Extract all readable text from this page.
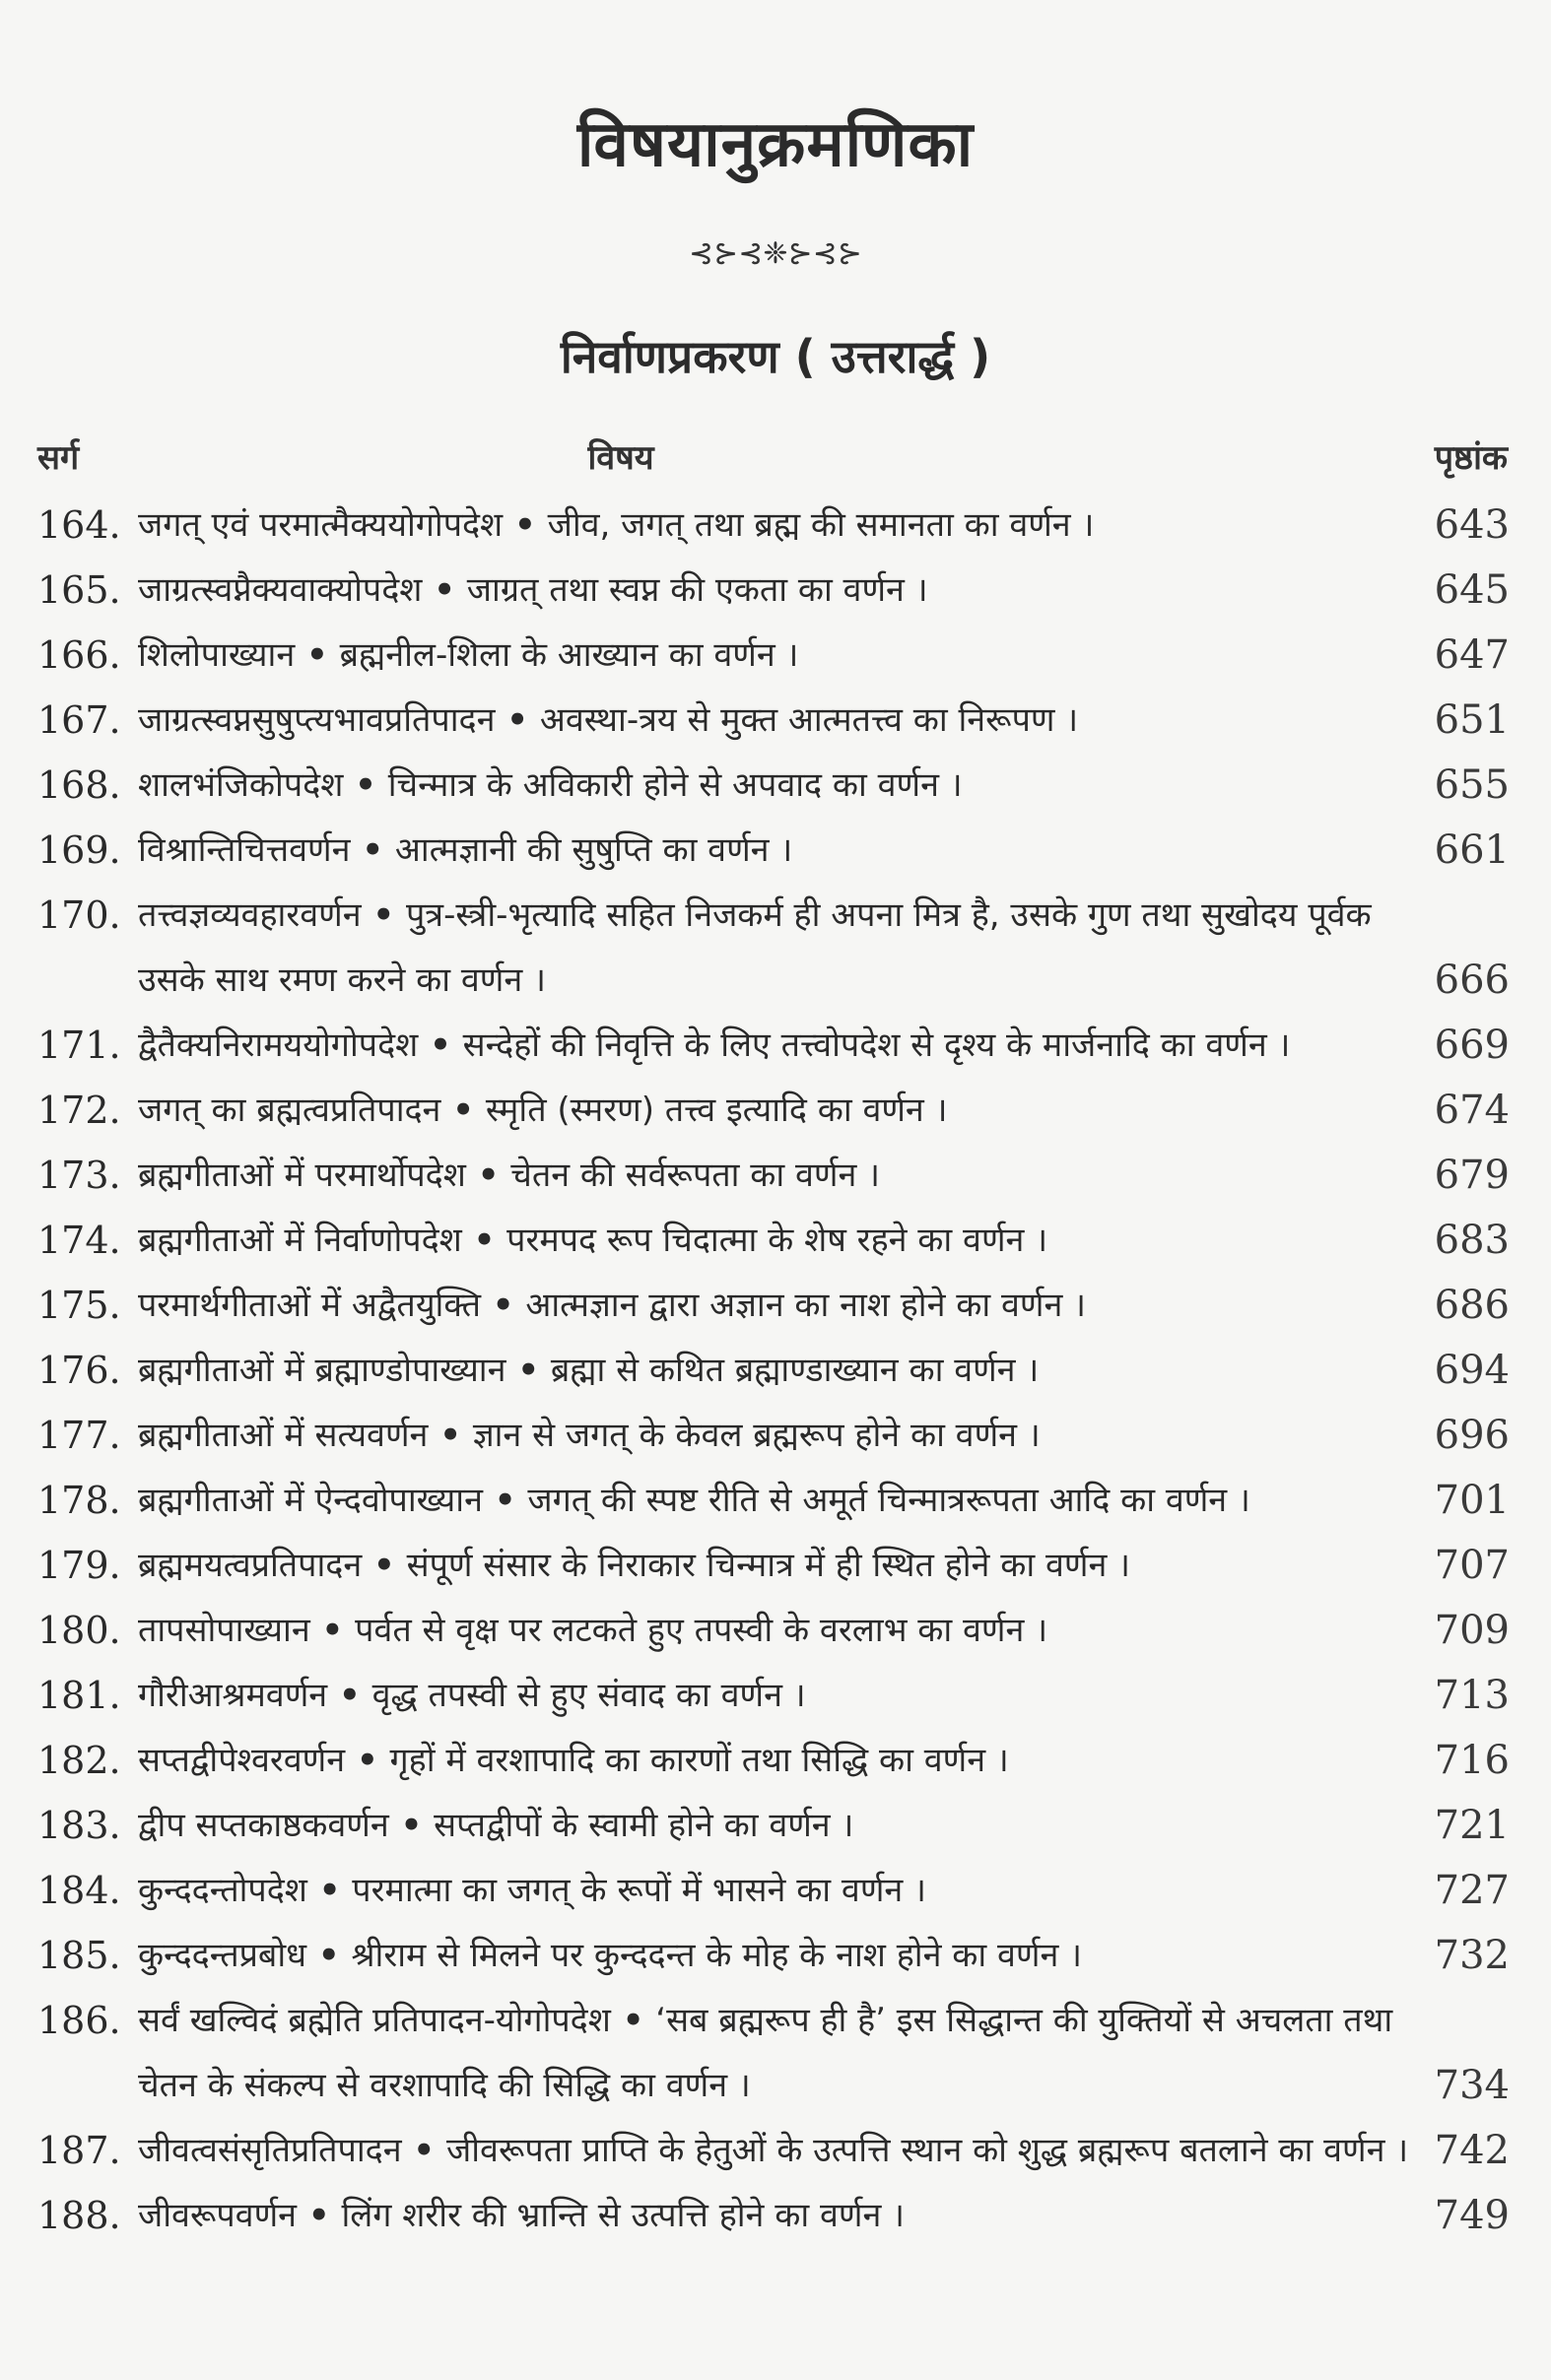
विषयानुक्रमणिका
⊰⊱⊰❈⊱⊰⊱
निर्वाणप्रकरण ( उत्तरार्द्ध )
सर्ग	विषय	पृष्ठांक
164. जगत् एवं परमात्मैक्ययोगोपदेश • जीव, जगत् तथा ब्रह्म की समानता का वर्णन ।	643
165. जाग्रत्स्वप्नैक्यवाक्योपदेश • जाग्रत् तथा स्वप्न की एकता का वर्णन ।	645
166. शिलोपाख्यान • ब्रह्मनील-शिला के आख्यान का वर्णन ।	647
167. जाग्रत्स्वप्नसुषुप्त्यभावप्रतिपादन • अवस्था-त्रय से मुक्त आत्मतत्त्व का निरूपण ।	651
168. शालभंजिकोपदेश • चिन्मात्र के अविकारी होने से अपवाद का वर्णन ।	655
169. विश्रान्तिचित्तवर्णन • आत्मज्ञानी की सुषुप्ति का वर्णन ।	661
170. तत्त्वज्ञव्यवहारवर्णन • पुत्र-स्त्री-भृत्यादि सहित निजकर्म ही अपना मित्र है, उसके गुण तथा सुखोदय पूर्वक उसके साथ रमण करने का वर्णन ।	666
171. द्वैतैक्यनिरामययोगोपदेश • सन्देहों की निवृत्ति के लिए तत्त्वोपदेश से दृश्य के मार्जनादि का वर्णन ।	669
172. जगत् का ब्रह्मत्वप्रतिपादन • स्मृति (स्मरण) तत्त्व इत्यादि का वर्णन ।	674
173. ब्रह्मगीताओं में परमार्थोपदेश • चेतन की सर्वरूपता का वर्णन ।	679
174. ब्रह्मगीताओं में निर्वाणोपदेश • परमपद रूप चिदात्मा के शेष रहने का वर्णन ।	683
175. परमार्थगीताओं में अद्वैतयुक्ति • आत्मज्ञान द्वारा अज्ञान का नाश होने का वर्णन ।	686
176. ब्रह्मगीताओं में ब्रह्माण्डोपाख्यान • ब्रह्मा से कथित ब्रह्माण्डाख्यान का वर्णन ।	694
177. ब्रह्मगीताओं में सत्यवर्णन • ज्ञान से जगत् के केवल ब्रह्मरूप होने का वर्णन ।	696
178. ब्रह्मगीताओं में ऐन्दवोपाख्यान • जगत् की स्पष्ट रीति से अमूर्त चिन्मात्ररूपता आदि का वर्णन ।	701
179. ब्रह्ममयत्वप्रतिपादन • संपूर्ण संसार के निराकार चिन्मात्र में ही स्थित होने का वर्णन ।	707
180. तापसोपाख्यान • पर्वत से वृक्ष पर लटकते हुए तपस्वी के वरलाभ का वर्णन ।	709
181. गौरीआश्रमवर्णन • वृद्ध तपस्वी से हुए संवाद का वर्णन ।	713
182. सप्तद्वीपेश्वरवर्णन • गृहों में वरशापादि का कारणों तथा सिद्धि का वर्णन ।	716
183. द्वीप सप्तकाष्ठकवर्णन • सप्तद्वीपों के स्वामी होने का वर्णन ।	721
184. कुन्ददन्तोपदेश • परमात्मा का जगत् के रूपों में भासने का वर्णन ।	727
185. कुन्ददन्तप्रबोध • श्रीराम से मिलने पर कुन्ददन्त के मोह के नाश होने का वर्णन ।	732
186. सर्वं खल्विदं ब्रह्मेति प्रतिपादन-योगोपदेश • ‘सब ब्रह्मरूप ही है’ इस सिद्धान्त की युक्तियों से अचलता तथा चेतन के संकल्प से वरशापादि की सिद्धि का वर्णन ।	734
187. जीवत्वसंसृतिप्रतिपादन • जीवरूपता प्राप्ति के हेतुओं के उत्पत्ति स्थान को शुद्ध ब्रह्मरूप बतलाने का वर्णन । 742
188. जीवरूपवर्णन • लिंग शरीर की भ्रान्ति से उत्पत्ति होने का वर्णन ।	749
